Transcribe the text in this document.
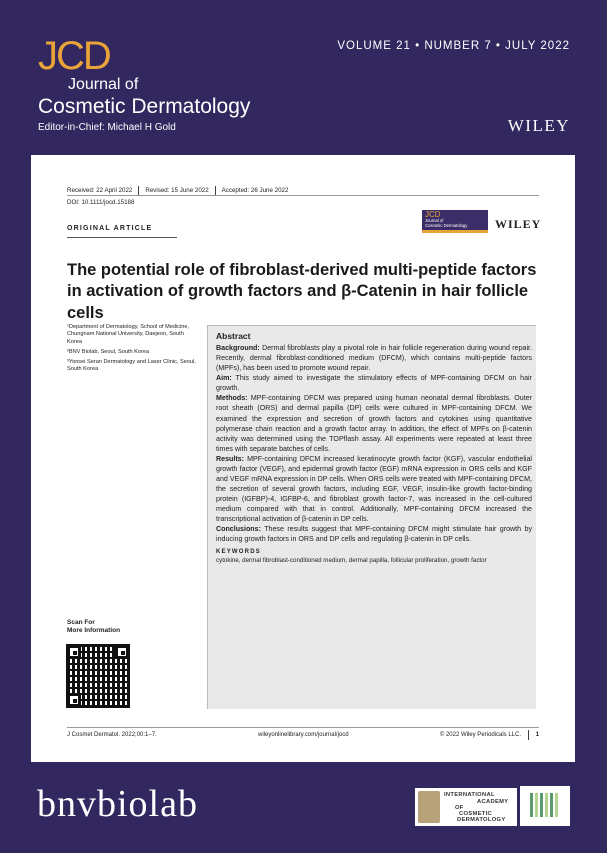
JCD
Journal of
Cosmetic Dermatology
Editor-in-Chief: Michael H Gold
VOLUME 21 • NUMBER 7 • JULY 2022
WILEY
Received: 22 April 2022 Revised: 15 June 2022 Accepted: 26 June 2022
DOI: 10.1111/jocd.15188
ORIGINAL ARTICLE
JCD
Journal of
Cosmetic Dermatology WILEY
The potential role of fibroblast-derived multi-peptide factors in activation of growth factors and β-Catenin in hair follicle cells

¹Department of Dermatology, School of Medicine, Chungnam National University, Daejeon, South Korea

²BNV Biolab, Seoul, South Korea

³Yonsei Seran Dermatology and Laser Clinic, Seoul, South Korea

Scan For
More Information
Abstract

Background: Dermal fibroblasts play a pivotal role in hair follicle regeneration during wound repair. Recently, dermal fibroblast-conditioned medium (DFCM), which contains multi-peptide factors (MPFs), has been used to promote wound repair.

Aim: This study aimed to investigate the stimulatory effects of MPF-containing DFCM on hair growth.

Methods: MPF-containing DFCM was prepared using human neonatal dermal fibroblasts. Outer root sheath (ORS) and dermal papilla (DP) cells were cultured in MPF-containing DFCM. We examined the expression and secretion of growth factors and cytokines using quantitative polymerase chain reaction and a growth factor array. In addition, the effect of MPFs on β-catenin activity was determined using the TOPflash assay. All experiments were repeated at least three times with separate batches of cells.

Results: MPF-containing DFCM increased keratinocyte growth factor (KGF), vascular endothelial growth factor (VEGF), and epidermal growth factor (EGF) mRNA expression in ORS cells and KGF and VEGF mRNA expression in DP cells. When ORS cells were treated with MPF-containing DFCM, the secretion of several growth factors, including EGF, VEGF, insulin-like growth factor-binding protein (IGFBP)-4, IGFBP-6, and fibroblast growth factor-7, was increased in the cell-cultured medium compared with that in control. Additionally, MPF-containing DFCM increased the transcriptional activation of β-catenin in DP cells.

Conclusions: These results suggest that MPF-containing DFCM might stimulate hair growth by inducing growth factors in ORS and DP cells and regulating β-catenin in DP cells.

KEYWORDS

cytokine, dermal fibroblast-conditioned medium, dermal papilla, follicular proliferation, growth factor

J Cosmet Dermatol. 2022;00:1–7.	wileyonlinelibrary.com/journal/jocd	© 2022 Wiley Periodicals LLC. 1
bnvbiolab	INTERNATIONAL
ACADEMY
OF
COSMETIC
DERMATOLOGY
